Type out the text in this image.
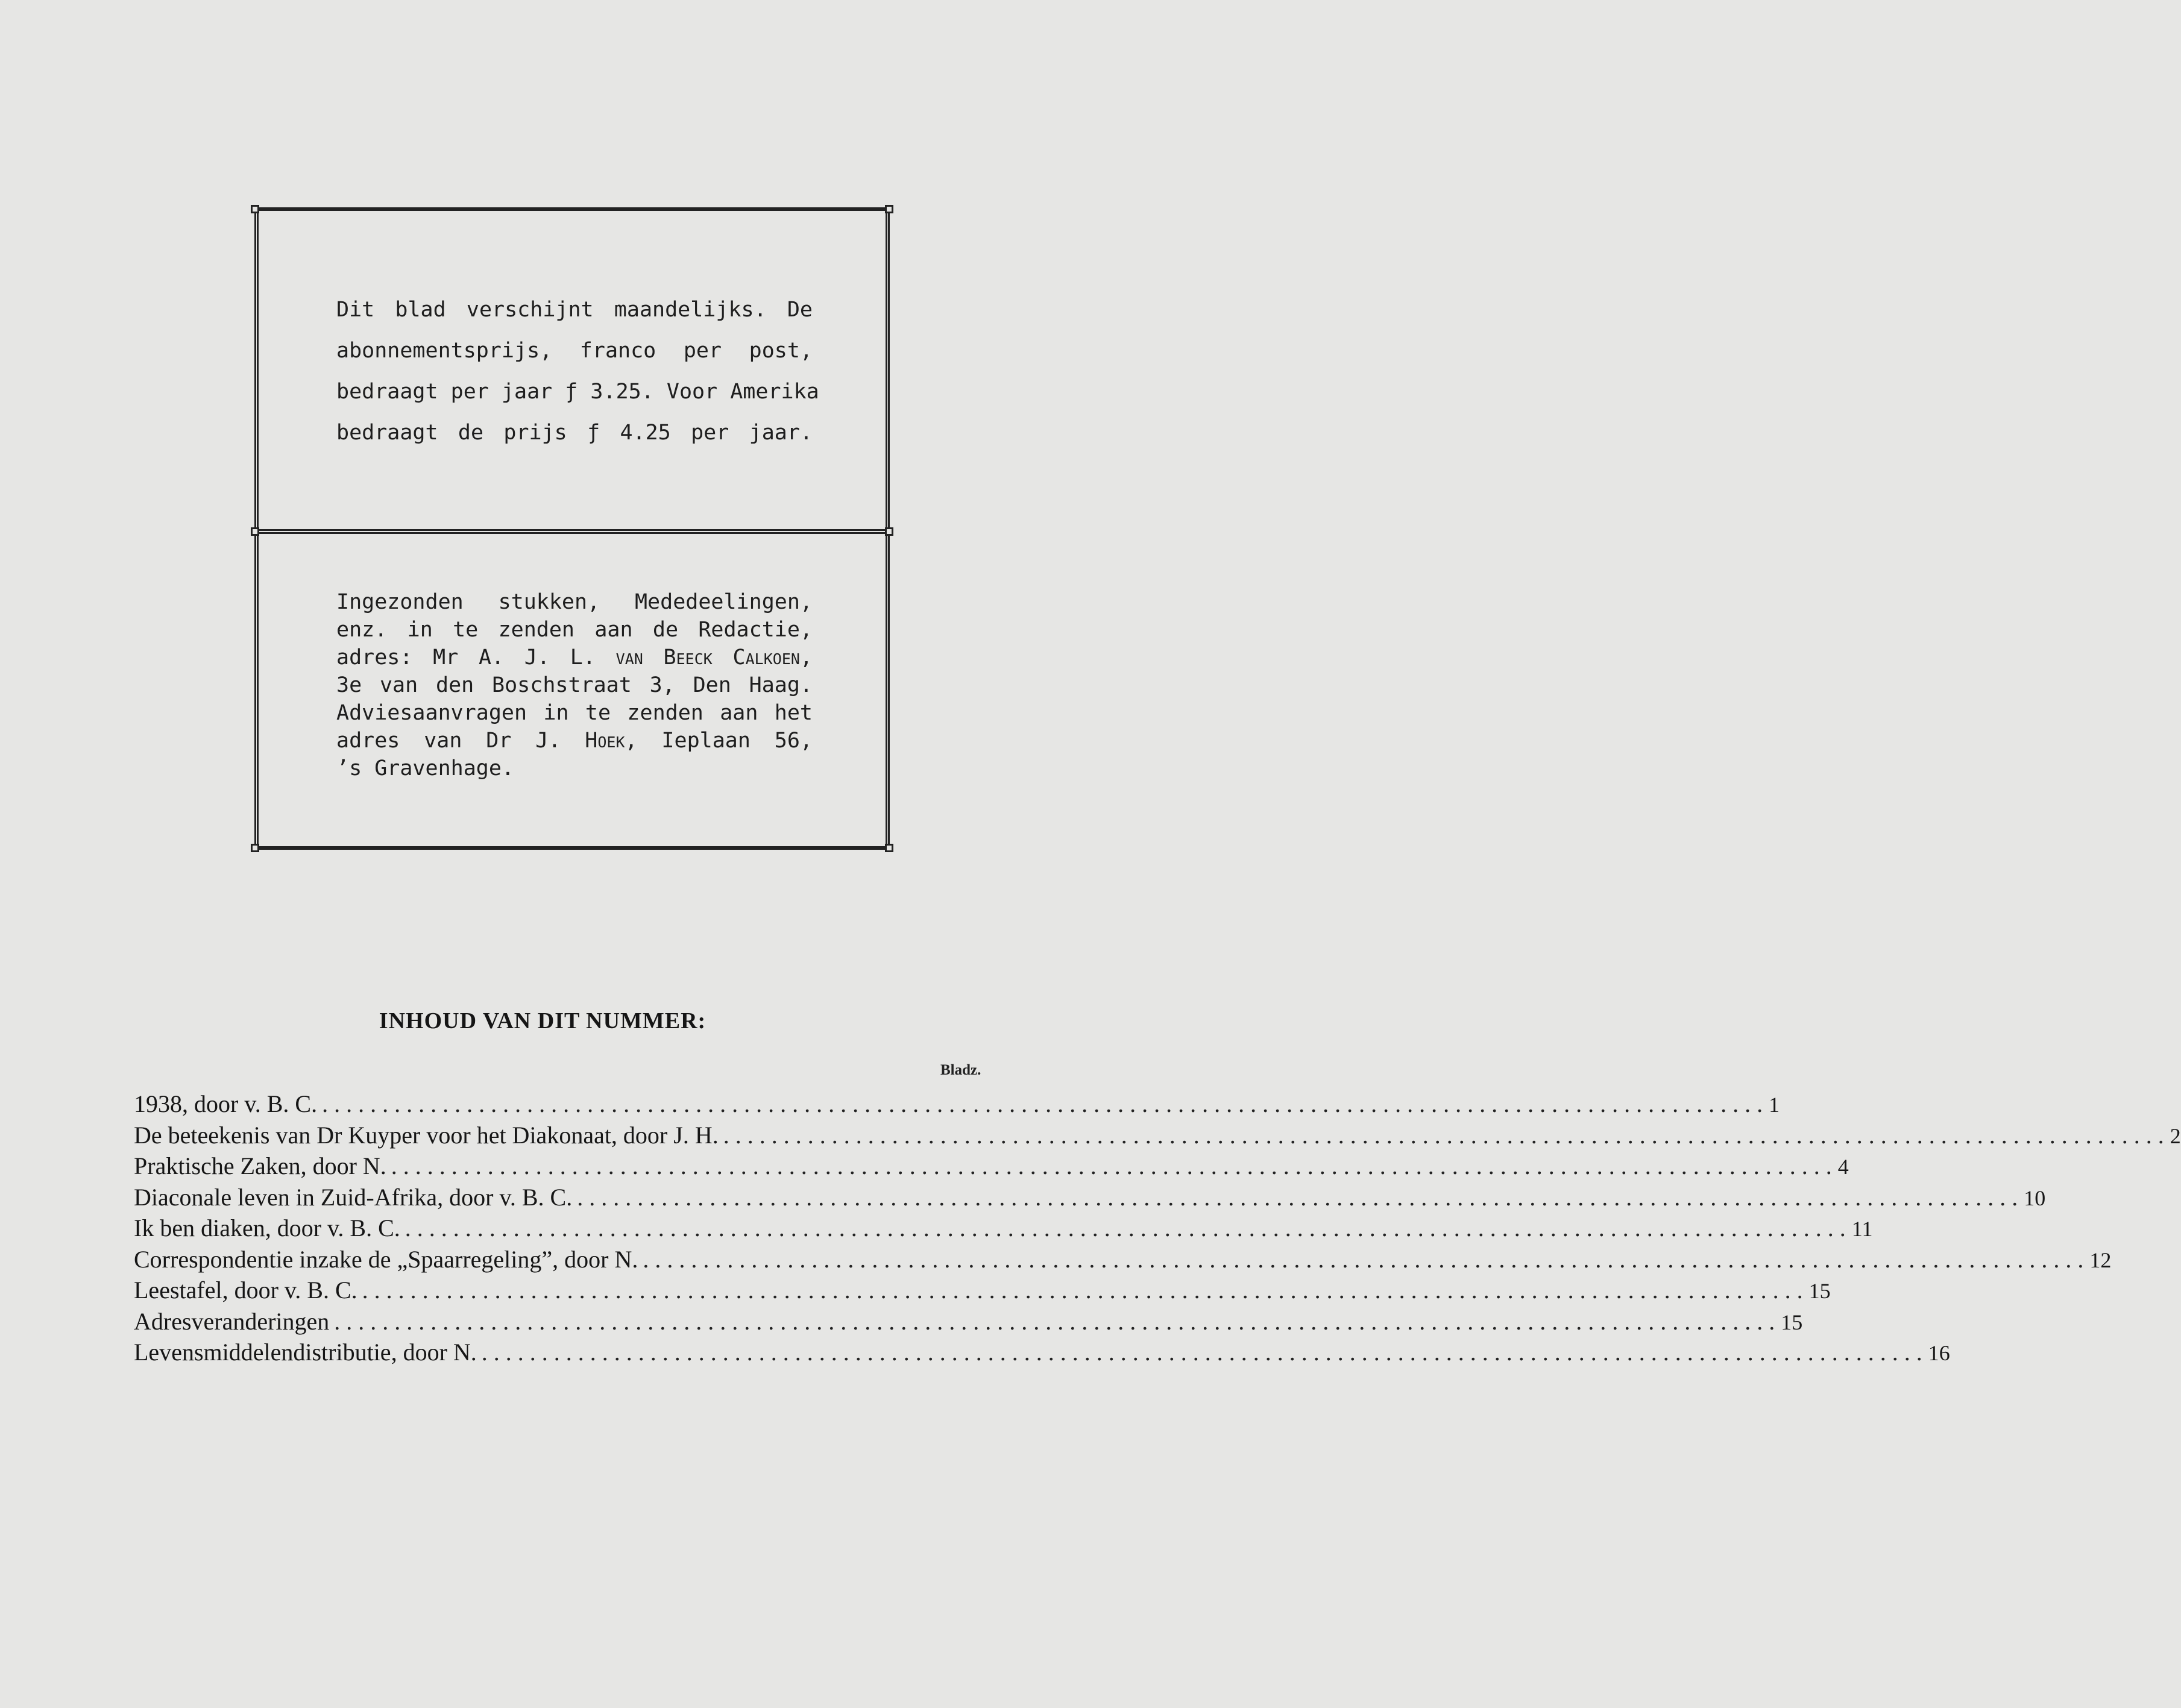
Dit blad verschijnt maandelijks. De
abonnementsprijs, franco per post,
bedraagt per jaar ƒ 3.25. Voor Amerika
bedraagt de prijs ƒ 4.25 per jaar.
Ingezonden stukken, Mededeelingen,
enz. in te zenden aan de Redactie,
adres: Mr A. J. L. van Beeck Calkoen,
3e van den Boschstraat 3, Den Haag.
Adviesaanvragen in te zenden aan het
adres van Dr J. Hoek, Ieplaan 56,
’s Gravenhage.
INHOUD VAN DIT NUMMER:
Bladz.
1938, door v. B. C. ........................................................................................................................ 1
De beteekenis van Dr Kuyper voor het Diakonaat, door J. H. ........................................................................................................................ 2
Praktische Zaken, door N. ........................................................................................................................ 4
Diaconale leven in Zuid-Afrika, door v. B. C. ........................................................................................................................ 10
Ik ben diaken, door v. B. C. ........................................................................................................................ 11
Correspondentie inzake de „Spaarregeling”, door N. ........................................................................................................................ 12
Leestafel, door v. B. C. ........................................................................................................................ 15
Adresveranderingen ........................................................................................................................ 15
Levensmiddelendistributie, door N. ........................................................................................................................ 16
